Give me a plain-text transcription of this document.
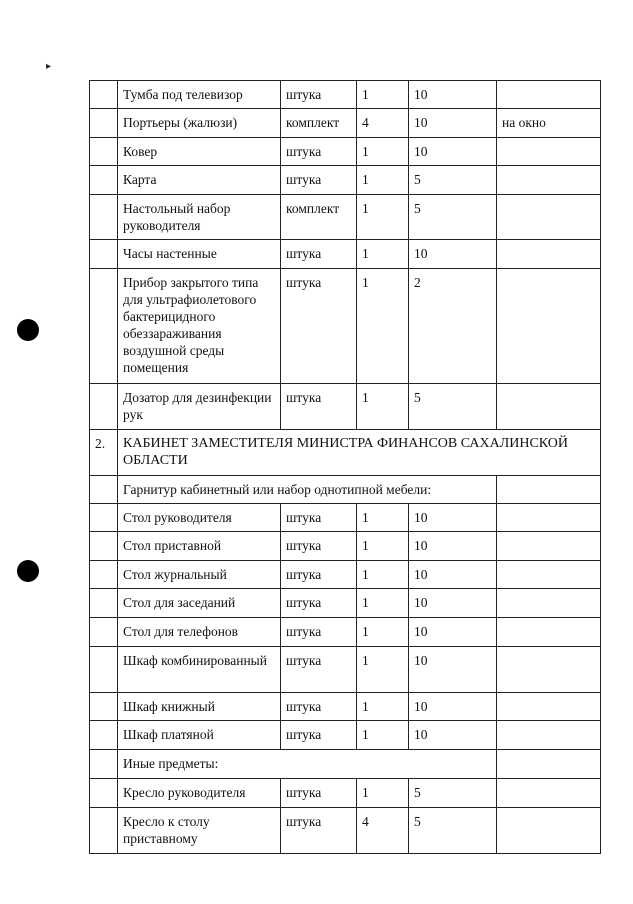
▸
	Тумба под телевизор	штука	1	10	
	Портьеры (жалюзи)	комплект	4	10	на окно
	Ковер	штука	1	10	
	Карта	штука	1	5	
	Настольный набор руководителя	комплект	1	5	
	Часы настенные	штука	1	10	
	Прибор закрытого типа для ультрафиолетового бактерицидного обеззараживания воздушной среды помещения	штука	1	2	
	Дозатор для дезинфекции рук	штука	1	5	
2.	КАБИНЕТ ЗАМЕСТИТЕЛЯ МИНИСТРА ФИНАНСОВ САХАЛИНСКОЙ ОБЛАСТИ				
	Гарнитур кабинетный или набор однотипной мебели:				
	Стол руководителя	штука	1	10	
	Стол приставной	штука	1	10	
	Стол журнальный	штука	1	10	
	Стол для заседаний	штука	1	10	
	Стол для телефонов	штука	1	10	
	Шкаф комбинированный	штука	1	10	
	Шкаф книжный	штука	1	10	
	Шкаф платяной	штука	1	10	
	Иные предметы:				
	Кресло руководителя	штука	1	5	
	Кресло к столу приставному	штука	4	5	
